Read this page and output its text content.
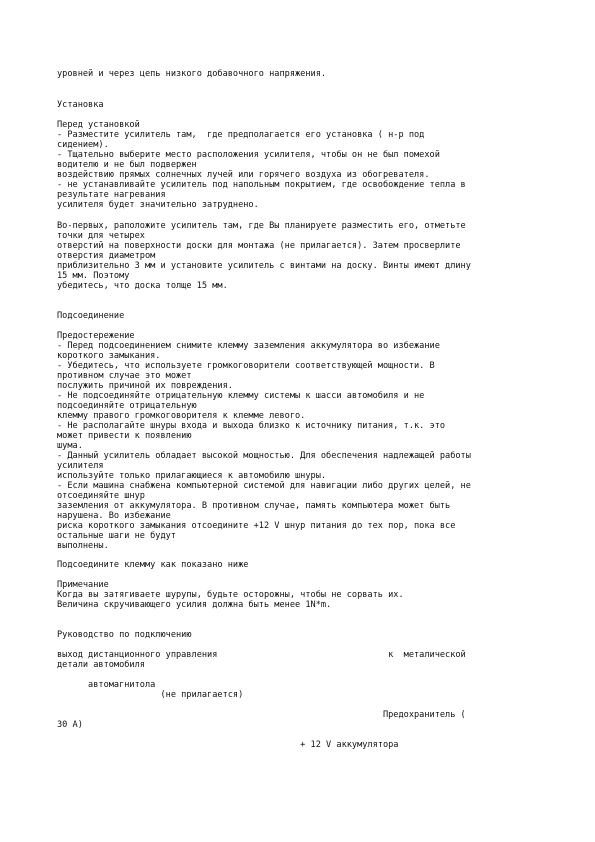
уровней и через цепь низкого добавочного напряжения.
Установка
Перед установкой
- Разместите усилитель там,  где предполагается его установка ( н-р под
сидением).
- Тщательно выберите место расположения усилителя, чтобы он не был помехой
водителю и не был подвержен
воздействию прямых солнечных лучей или горячего воздуха из обогревателя.
- не устанавливайте усилитель под напольным покрытием, где освобождение тепла в
результате нагревания
усилителя будет значительно затруднено.
Во-первых, раположите усилитель там, где Вы планируете разместить его, отметьте
точки для четырех
отверстий на поверхности доски для монтажа (не прилагается). Затем просверлите
отверстия диаметром
приблизительно 3 мм и установите усилитель с винтами на доску. Винты имеют длину
15 мм. Поэтому
убедитесь, что доска толще 15 мм.
Подсоединение
Предостережение
- Перед подсоединением снимите клемму заземления аккумулятора во избежание
короткого замыкания.
- Убедитесь, что используете громкоговорители соответствующей мощности. В
противном случае это может
послужить причиной их повреждения.
- Не подсоединяйте отрицательную клемму системы к шасси автомобиля и не
подсоединяйте отрицательную
клемму правого громкоговорителя к клемме левого.
- Не располагайте шнуры входа и выхода близко к источнику питания, т.к. это
может привести к появлению
шума.
- Данный усилитель обладает высокой мощностью. Для обеспечения надлежащей работы
усилителя
используйте только прилагающиеся к автомобилю шнуры.
- Если машина снабжена компьютерной системой для навигации либо других целей, не
отсоединяйте шнур
заземления от аккумулятора. В противном случае, память компьютера может быть
нарушена. Во избежание
риска короткого замыкания отсоедините +12 V шнур питания до тех пор, пока все
остальные шаги не будут
выполнены.
Подсоедините клемму как показано ниже
Примечание
Когда вы затягиваете шурупы, будьте осторожны, чтобы не сорвать их.
Величина скручивающего усилия должна быть менее 1N*m.
Руководство по подключению
выход дистанционного управления                                 к  металической
детали автомобиля
автомагнитола
(не прилагается)
Предохранитель (
30 A)
+ 12 V аккумулятора
